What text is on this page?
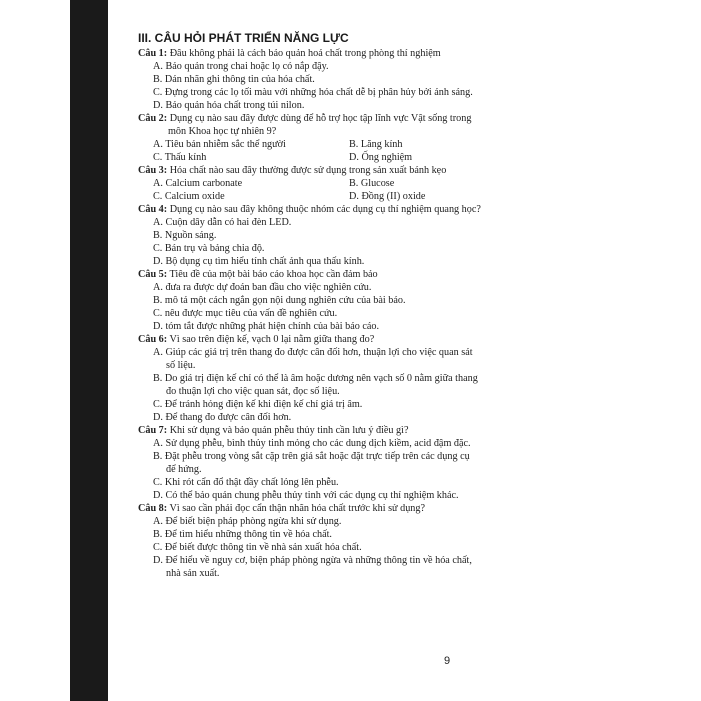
III. CÂU HỎI PHÁT TRIỂN NĂNG LỰC
Câu 1: Đâu không phải là cách bảo quản hoá chất trong phòng thí nghiệm
A. Bảo quản trong chai hoặc lọ có nắp đậy.
B. Dán nhãn ghi thông tin của hóa chất.
C. Đựng trong các lọ tối màu với những hóa chất dễ bị phân hủy bởi ánh sáng.
D. Bảo quản hóa chất trong túi nilon.
Câu 2: Dụng cụ nào sau đây được dùng để hỗ trợ học tập lĩnh vực Vật sống trong
môn Khoa học tự nhiên 9?
A. Tiêu bản nhiễm sắc thể người	B. Lăng kính
C. Thấu kính	D. Ống nghiệm
Câu 3: Hóa chất nào sau đây thường được sử dụng trong sản xuất bánh kẹo
A. Calcium carbonate	B. Glucose
C. Calcium oxide	D. Đồng (II) oxide
Câu 4: Dụng cụ nào sau đây không thuộc nhóm các dụng cụ thí nghiệm quang học?
A. Cuộn dây dẫn có hai đèn LED.
B. Nguồn sáng.
C. Bán trụ và bảng chia độ.
D. Bộ dụng cụ tìm hiểu tính chất ảnh qua thấu kính.
Câu 5: Tiêu đề của một bài báo cáo khoa học cần đảm bảo
A. đưa ra được dự đoán ban đầu cho việc nghiên cứu.
B. mô tả một cách ngắn gọn nội dung nghiên cứu của bài báo.
C. nêu được mục tiêu của vấn đề nghiên cứu.
D. tóm tắt được những phát hiện chính của bài báo cáo.
Câu 6: Vì sao trên điện kế, vạch 0 lại nằm giữa thang đo?
A. Giúp các giá trị trên thang đo được cân đối hơn, thuận lợi cho việc quan sát
số liệu.
B. Do giá trị điện kế chỉ có thể là âm hoặc dương nên vạch số 0 nằm giữa thang
đo thuận lợi cho việc quan sát, đọc số liệu.
C. Để tránh hỏng điện kế khi điện kế chỉ giá trị âm.
D. Để thang đo được cân đối hơn.
Câu 7: Khi sử dụng và bảo quản phễu thủy tinh cần lưu ý điều gì?
A. Sử dụng phễu, bình thủy tinh mỏng cho các dung dịch kiềm, acid đậm đặc.
B. Đặt phễu trong vòng sắt cặp trên giá sắt hoặc đặt trực tiếp trên các dụng cụ
để hứng.
C. Khi rót cẩn đổ thật đầy chất lỏng lên phễu.
D. Có thể bảo quản chung phễu thủy tinh với các dụng cụ thí nghiệm khác.
Câu 8: Vì sao cần phải đọc cẩn thận nhãn hóa chất trước khi sử dụng?
A. Để biết biện pháp phòng ngừa khi sử dụng.
B. Để tìm hiểu những thông tin về hóa chất.
C. Để biết được thông tin về nhà sản xuất hóa chất.
D. Để hiểu về nguy cơ, biện pháp phòng ngừa và những thông tin về hóa chất,
nhà sản xuất.
9
